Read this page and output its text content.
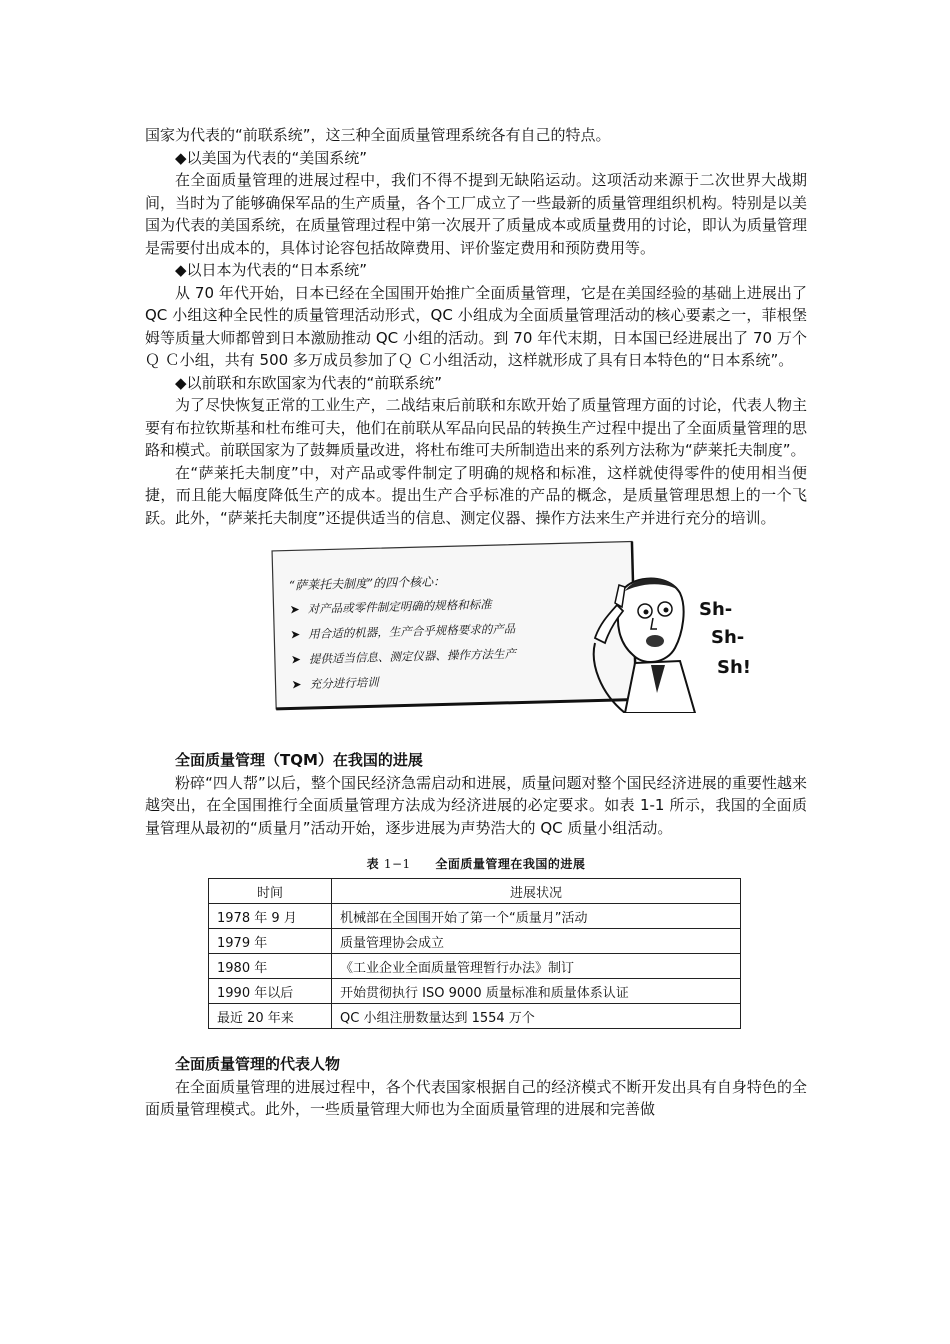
国家为代表的“前联系统”，这三种全面质量管理系统各有自己的特点。

◆以美国为代表的“美国系统”

在全面质量管理的进展过程中，我们不得不提到无缺陷运动。这项活动来源于二次世界大战期间，当时为了能够确保军品的生产质量，各个工厂成立了一些最新的质量管理组织机构。特别是以美国为代表的美国系统，在质量管理过程中第一次展开了质量成本或质量费用的讨论，即认为质量管理是需要付出成本的，具体讨论容包括故障费用、评价鉴定费用和预防费用等。

◆以日本为代表的“日本系统”

从 70 年代开始，日本已经在全国围开始推广全面质量管理，它是在美国经验的基础上进展出了 QC 小组这种全民性的质量管理活动形式，QC 小组成为全面质量管理活动的核心要素之一，菲根堡姆等质量大师都曾到日本激励推动 QC 小组的活动。到 70 年代末期，日本国已经进展出了 70 万个Ｑ Ｃ小组，共有 500 多万成员参加了Ｑ Ｃ小组活动，这样就形成了具有日本特色的“日本系统”。

◆以前联和东欧国家为代表的“前联系统”

为了尽快恢复正常的工业生产，二战结束后前联和东欧开始了质量管理方面的讨论，代表人物主要有布拉钦斯基和杜布维可夫，他们在前联从军品向民品的转换生产过程中提出了全面质量管理的思路和模式。前联国家为了鼓舞质量改进，将杜布维可夫所制造出来的系列方法称为“萨莱托夫制度”。

在“萨莱托夫制度”中，对产品或零件制定了明确的规格和标准，这样就使得零件的使用相当便捷，而且能大幅度降低生产的成本。提出生产合乎标准的产品的概念，是质量管理思想上的一个飞跃。此外，“萨莱托夫制度”还提供适当的信息、测定仪器、操作方法来生产并进行充分的培训。

“萨莱托夫制度”的四个核心：

➤ 对产品或零件制定明确的规格和标准
➤ 用合适的机器，生产合乎规格要求的产品
➤ 提供适当信息、测定仪器、操作方法生产
➤ 充分进行培训
Sh-
Sh-
Sh!

全面质量管理（TQM）在我国的进展

粉碎“四人帮”以后，整个国民经济急需启动和进展，质量问题对整个国民经济进展的重要性越来越突出，在全国围推行全面质量管理方法成为经济进展的必定要求。如表 1-1 所示，我国的全面质量管理从最初的“质量月”活动开始，逐步进展为声势浩大的 QC 质量小组活动。

表 1−1 全面质量管理在我国的进展
时间	进展状况
1978 年 9 月	机械部在全国围开始了第一个“质量月”活动
1979 年	质量管理协会成立
1980 年	《工业企业全面质量管理暂行办法》制订
1990 年以后	开始贯彻执行 ISO 9000 质量标准和质量体系认证
最近 20 年来	QC 小组注册数量达到 1554 万个

全面质量管理的代表人物

在全面质量管理的进展过程中，各个代表国家根据自己的经济模式不断开发出具有自身特色的全面质量管理模式。此外，一些质量管理大师也为全面质量管理的进展和完善做
